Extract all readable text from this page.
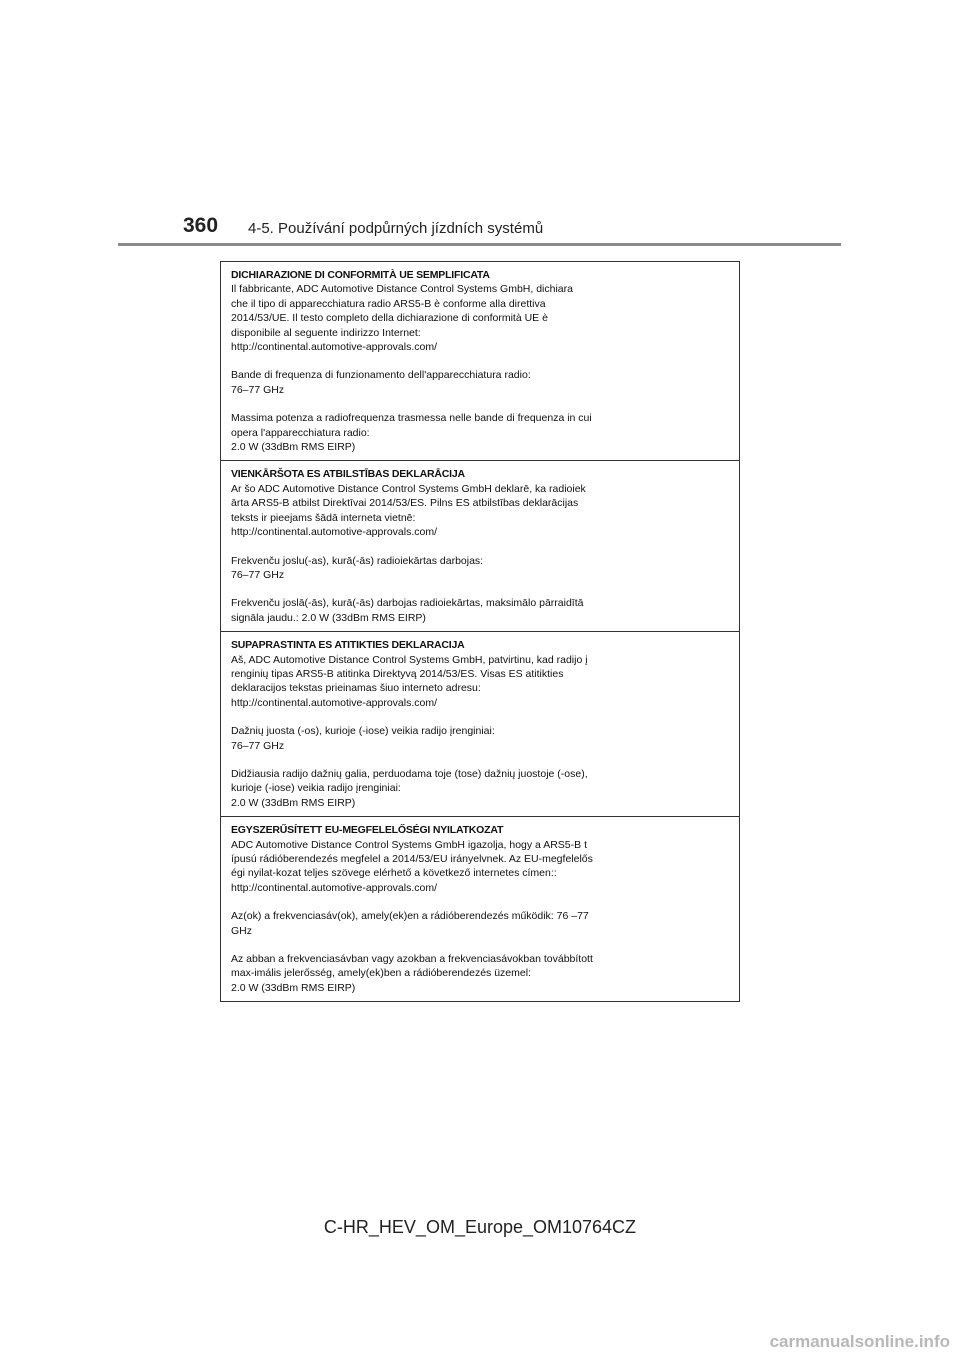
360 4-5. Používání podpůrných jízdních systémů
DICHIARAZIONE DI CONFORMITÀ UE SEMPLIFICATA
Il fabbricante, ADC Automotive Distance Control Systems GmbH, dichiara
che il tipo di apparecchiatura radio ARS5-B è conforme alla direttiva
2014/53/UE. Il testo completo della dichiarazione di conformità UE è
disponibile al seguente indirizzo Internet:
http://continental.automotive-approvals.com/
Bande di frequenza di funzionamento dell'apparecchiatura radio:
76–77 GHz
Massima potenza a radiofrequenza trasmessa nelle bande di frequenza in cui
opera l'apparecchiatura radio:
2.0 W (33dBm RMS EIRP)
VIENKĀRŠOTA ES ATBILSTĪBAS DEKLARĀCIJA
Ar šo ADC Automotive Distance Control Systems GmbH deklarē, ka radioiek
ārta ARS5-B atbilst Direktīvai 2014/53/ES. Pilns ES atbilstības deklarācijas
teksts ir pieejams šādā interneta vietnē:
http://continental.automotive-approvals.com/
Frekvenču joslu(-as), kurā(-ās) radioiekārtas darbojas:
76–77 GHz
Frekvenču joslā(-ās), kurā(-ās) darbojas radioiekārtas, maksimālo pārraidītā
signāla jaudu.: 2.0 W (33dBm RMS EIRP)
SUPAPRASTINTA ES ATITIKTIES DEKLARACIJA
Aš, ADC Automotive Distance Control Systems GmbH, patvirtinu, kad radijo į
renginių tipas ARS5-B atitinka Direktyvą 2014/53/ES. Visas ES atitikties
deklaracijos tekstas prieinamas šiuo interneto adresu:
http://continental.automotive-approvals.com/
Dažnių juosta (-os), kurioje (-iose) veikia radijo įrenginiai:
76–77 GHz
Didžiausia radijo dažnių galia, perduodama toje (tose) dažnių juostoje (-ose),
kurioje (-iose) veikia radijo įrenginiai:
2.0 W (33dBm RMS EIRP)
EGYSZERŰSÍTETT EU-MEGFELELŐSÉGI NYILATKOZAT
ADC Automotive Distance Control Systems GmbH igazolja, hogy a ARS5-B t
ípusú rádióberendezés megfelel a 2014/53/EU irányelvnek. Az EU-megfelelős
égi nyilat-kozat teljes szövege elérhető a következő internetes címen::
http://continental.automotive-approvals.com/
Az(ok) a frekvenciasáv(ok), amely(ek)en a rádióberendezés működik: 76 –77
GHz
Az abban a frekvenciasávban vagy azokban a frekvenciasávokban továbbított
max-imális jelerősség, amely(ek)ben a rádióberendezés üzemel:
2.0 W (33dBm RMS EIRP)
C-HR_HEV_OM_Europe_OM10764CZ
carmanualsonline.info
